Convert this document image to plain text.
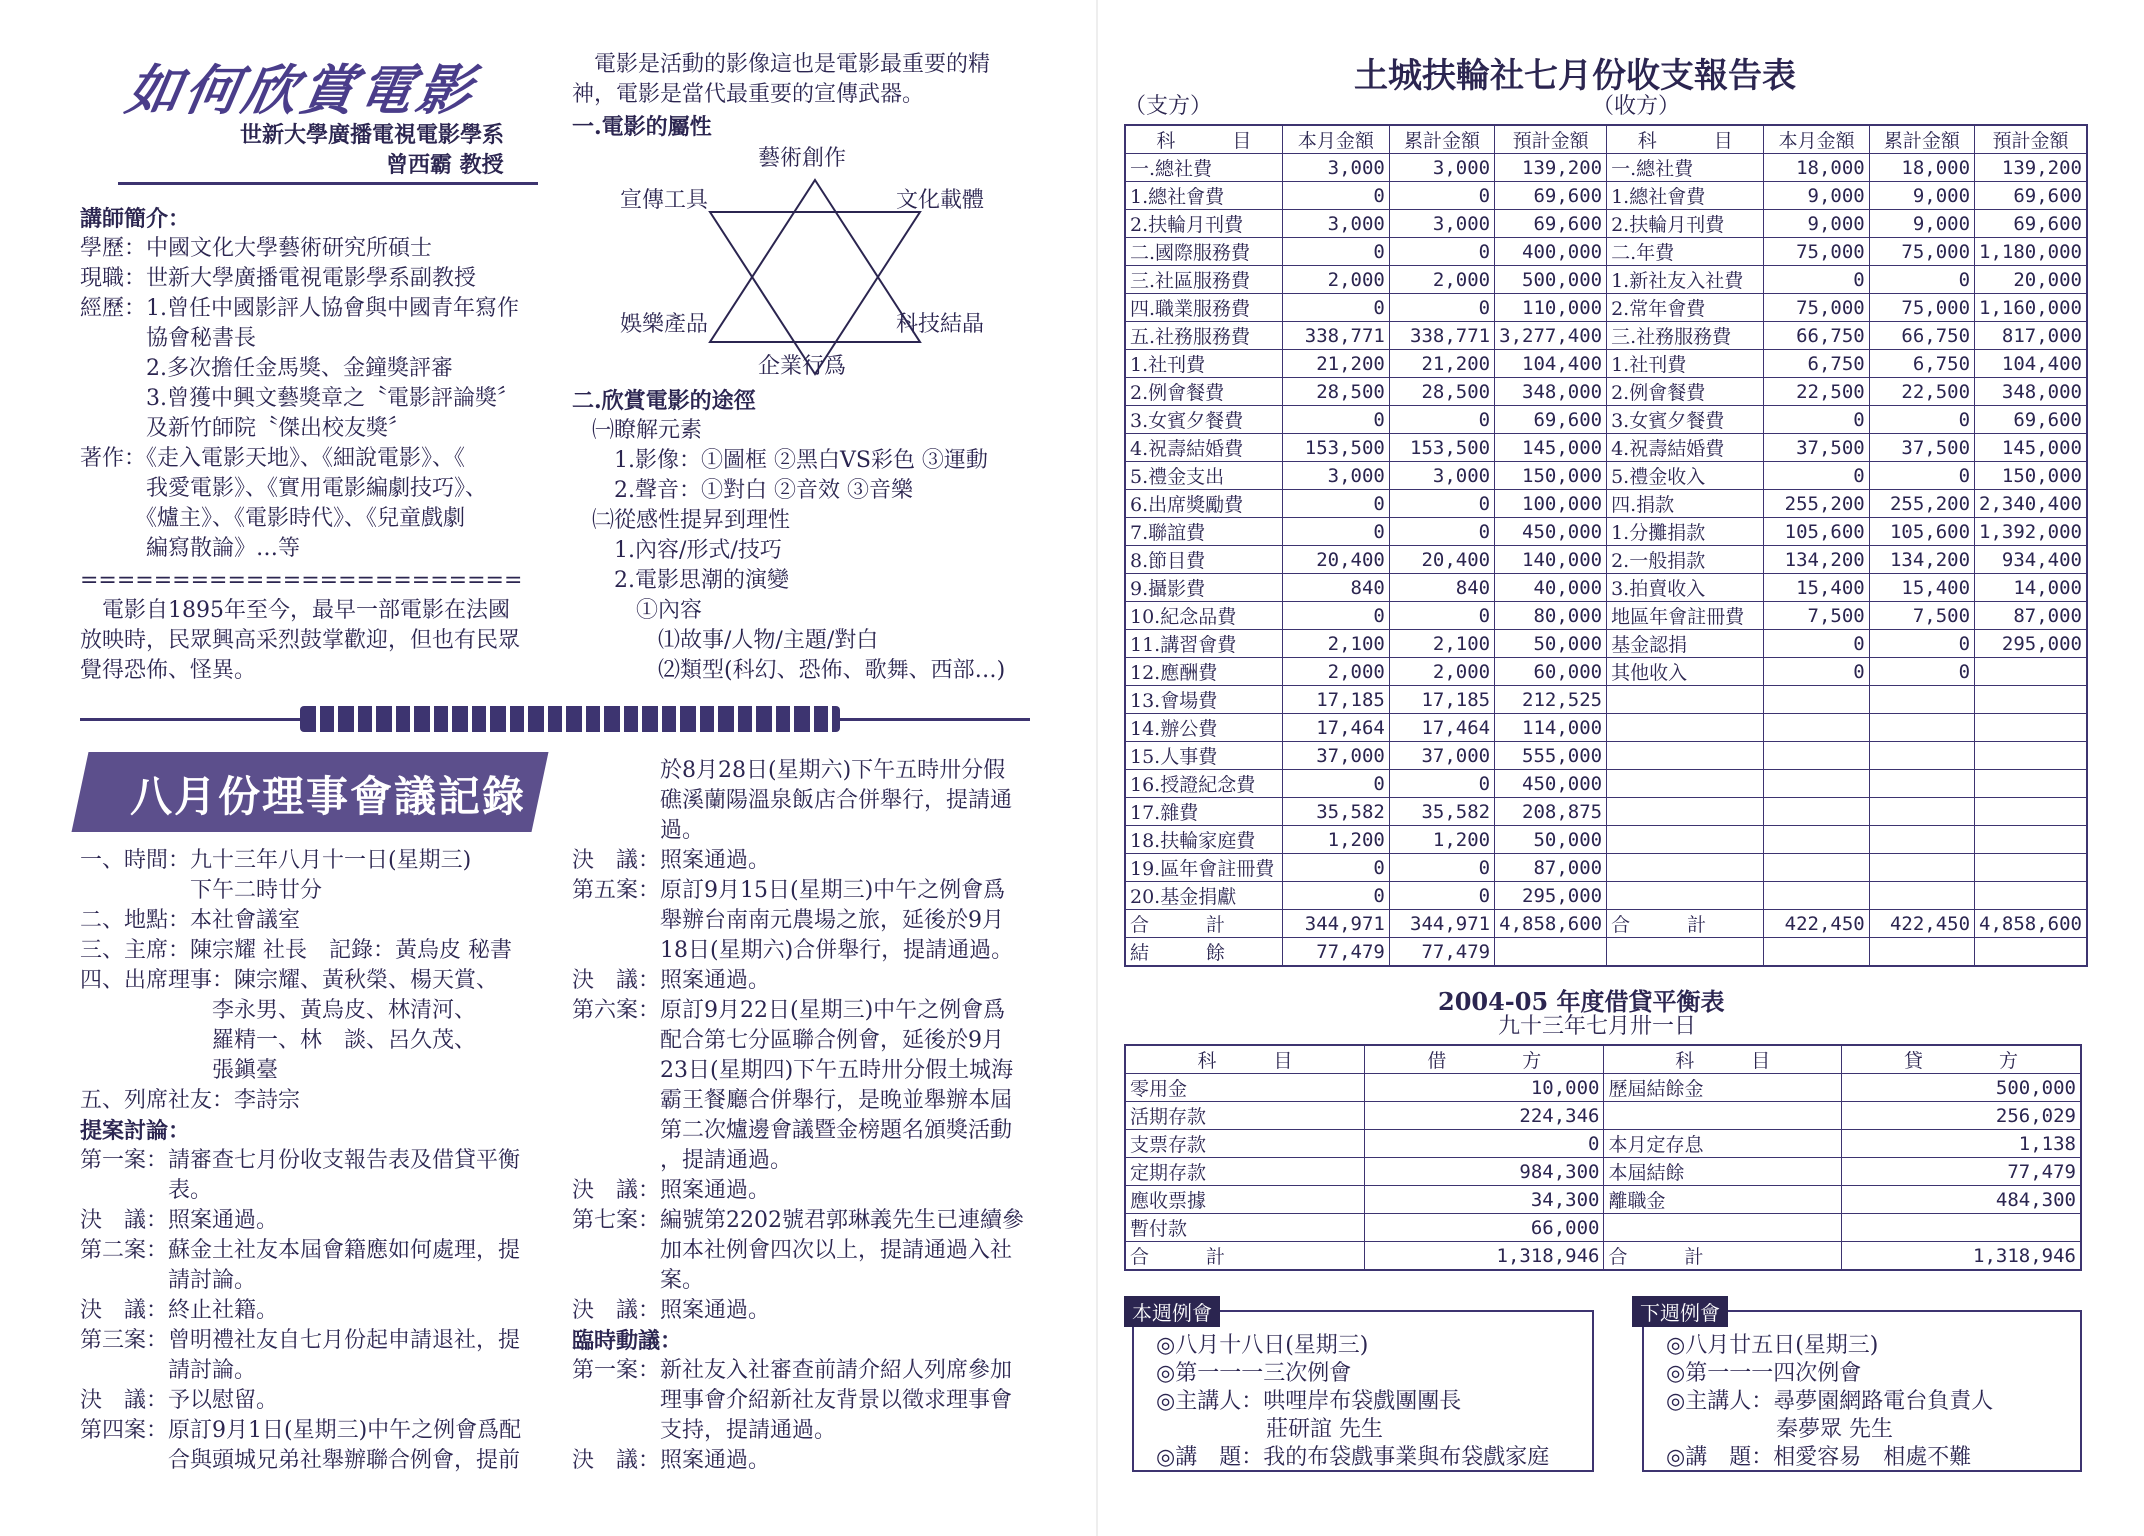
如何欣賞電影
世新大學廣播電視電影學系
曾西霸 教授
講師簡介：
學歷：中國文化大學藝術研究所碩士
現職：世新大學廣播電視電影學系副教授
經歷：1.曾任中國影評人協會與中國青年寫作
　　　協會秘書長
　　　2.多次擔任金馬獎、金鐘獎評審
　　　3.曾獲中興文藝獎章之〝電影評論獎〞
　　　及新竹師院〝傑出校友獎〞
著作：《走入電影天地》、《細說電影》、《
　　　我愛電影》、《實用電影編劇技巧》、
　　　《爐主》、《電影時代》、《兒童戲劇
　　　編寫散論》…等
========================
　電影自1895年至今，最早一部電影在法國
放映時，民眾興高采烈鼓掌歡迎，但也有民眾
覺得恐佈、怪異。
　電影是活動的影像這也是電影最重要的精
神，電影是當代最重要的宣傳武器。
一.電影的屬性
藝術創作
宣傳工具	文化載體
娛樂產品	科技結晶
企業行爲
二.欣賞電影的途徑
㈠瞭解元素
　1.影像：①圖框 ②黑白VS彩色 ③運動
　2.聲音：①對白 ②音效 ③音樂
㈡從感性提昇到理性
　1.內容/形式/技巧
　2.電影思潮的演變
　　①內容
　　　⑴故事/人物/主題/對白
　　　⑵類型(科幻、恐佈、歌舞、西部…)
八月份理事會議記錄
一、時間：九十三年八月十一日(星期三)
　　　　　下午二時廿分
二、地點：本社會議室
三、主席：陳宗耀 社長　記錄：黃烏皮 秘書
四、出席理事：陳宗耀、黃秋榮、楊天賞、
　　　　　　李永男、黃烏皮、林清河、
　　　　　　羅精一、林　談、呂久茂、
　　　　　　張鎭臺
五、列席社友：李詩宗
提案討論：
第一案：請審查七月份收支報告表及借貸平衡
　　　　表。
決　議：照案通過。
第二案：蘇金土社友本屆會籍應如何處理，提
　　　　請討論。
決　議：終止社籍。
第三案：曾明禮社友自七月份起申請退社，提
　　　　請討論。
決　議：予以慰留。
第四案：原訂9月1日(星期三)中午之例會爲配
　　　　合與頭城兄弟社舉辦聯合例會，提前
　　　　於8月28日(星期六)下午五時卅分假
　　　　礁溪蘭陽溫泉飯店合併舉行，提請通
　　　　過。
決　議：照案通過。
第五案：原訂9月15日(星期三)中午之例會爲
　　　　舉辦台南南元農場之旅，延後於9月
　　　　18日(星期六)合併舉行，提請通過。
決　議：照案通過。
第六案：原訂9月22日(星期三)中午之例會爲
　　　　配合第七分區聯合例會，延後於9月
　　　　23日(星期四)下午五時卅分假土城海
　　　　霸王餐廳合併舉行，是晚並舉辦本屆
　　　　第二次爐邊會議暨金榜題名頒獎活動
　　　　，提請通過。
決　議：照案通過。
第七案：編號第2202號君郭琳義先生已連續參
　　　　加本社例會四次以上，提請通過入社
　　　　案。
決　議：照案通過。
臨時動議：
第一案：新社友入社審查前請介紹人列席參加
　　　　理事會介紹新社友背景以徵求理事會
　　　　支持，提請通過。
決　議：照案通過。
土城扶輪社七月份收支報告表
（支方）	（收方）
科　　　目	本月金額	累計金額	預計金額	科　　　目	本月金額	累計金額	預計金額
一.總社費	3,000	3,000	139,200	一.總社費	18,000	18,000	139,200
1.總社會費	0	0	69,600	1.總社會費	9,000	9,000	69,600
2.扶輪月刊費	3,000	3,000	69,600	2.扶輪月刊費	9,000	9,000	69,600
二.國際服務費	0	0	400,000	二.年費	75,000	75,000	1,180,000
三.社區服務費	2,000	2,000	500,000	1.新社友入社費	0	0	20,000
四.職業服務費	0	0	110,000	2.常年會費	75,000	75,000	1,160,000
五.社務服務費	338,771	338,771	3,277,400	三.社務服務費	66,750	66,750	817,000
1.社刊費	21,200	21,200	104,400	1.社刊費	6,750	6,750	104,400
2.例會餐費	28,500	28,500	348,000	2.例會餐費	22,500	22,500	348,000
3.女賓夕餐費	0	0	69,600	3.女賓夕餐費	0	0	69,600
4.祝壽結婚費	153,500	153,500	145,000	4.祝壽結婚費	37,500	37,500	145,000
5.禮金支出	3,000	3,000	150,000	5.禮金收入	0	0	150,000
6.出席獎勵費	0	0	100,000	四.捐款	255,200	255,200	2,340,400
7.聯誼費	0	0	450,000	1.分攤捐款	105,600	105,600	1,392,000
8.節目費	20,400	20,400	140,000	2.一般捐款	134,200	134,200	934,400
9.攝影費	840	840	40,000	3.拍賣收入	15,400	15,400	14,000
10.紀念品費	0	0	80,000	地區年會註冊費	7,500	7,500	87,000
11.講習會費	2,100	2,100	50,000	基金認捐	0	0	295,000
12.應酬費	2,000	2,000	60,000	其他收入	0	0	
13.會場費	17,185	17,185	212,525				
14.辦公費	17,464	17,464	114,000				
15.人事費	37,000	37,000	555,000				
16.授證紀念費	0	0	450,000				
17.雜費	35,582	35,582	208,875				
18.扶輪家庭費	1,200	1,200	50,000				
19.區年會註冊費	0	0	87,000				
20.基金捐獻	0	0	295,000				
合　　　計	344,971	344,971	4,858,600	合　　　計	422,450	422,450	4,858,600
結　　　餘	77,479	77,479					
2004-05 年度借貸平衡表
九十三年七月卅一日
科　　　目	借　　　　方	科　　　目	貸　　　　方
零用金	10,000	歷屆結餘金	500,000
活期存款	224,346		256,029
支票存款	0	本月定存息	1,138
定期存款	984,300	本屆結餘	77,479
應收票據	34,300	離職金	484,300
暫付款	66,000		
合　　　計	1,318,946	合　　　計	1,318,946
本週例會
◎八月十八日(星期三)
◎第一一一三次例會
◎主講人：哄哩岸布袋戲團團長
　　　　　莊研誼 先生
◎講　題：我的布袋戲事業與布袋戲家庭
下週例會
◎八月廿五日(星期三)
◎第一一一四次例會
◎主講人：尋夢園網路電台負責人
　　　　　秦夢眾 先生
◎講　題：相愛容易　相處不難
